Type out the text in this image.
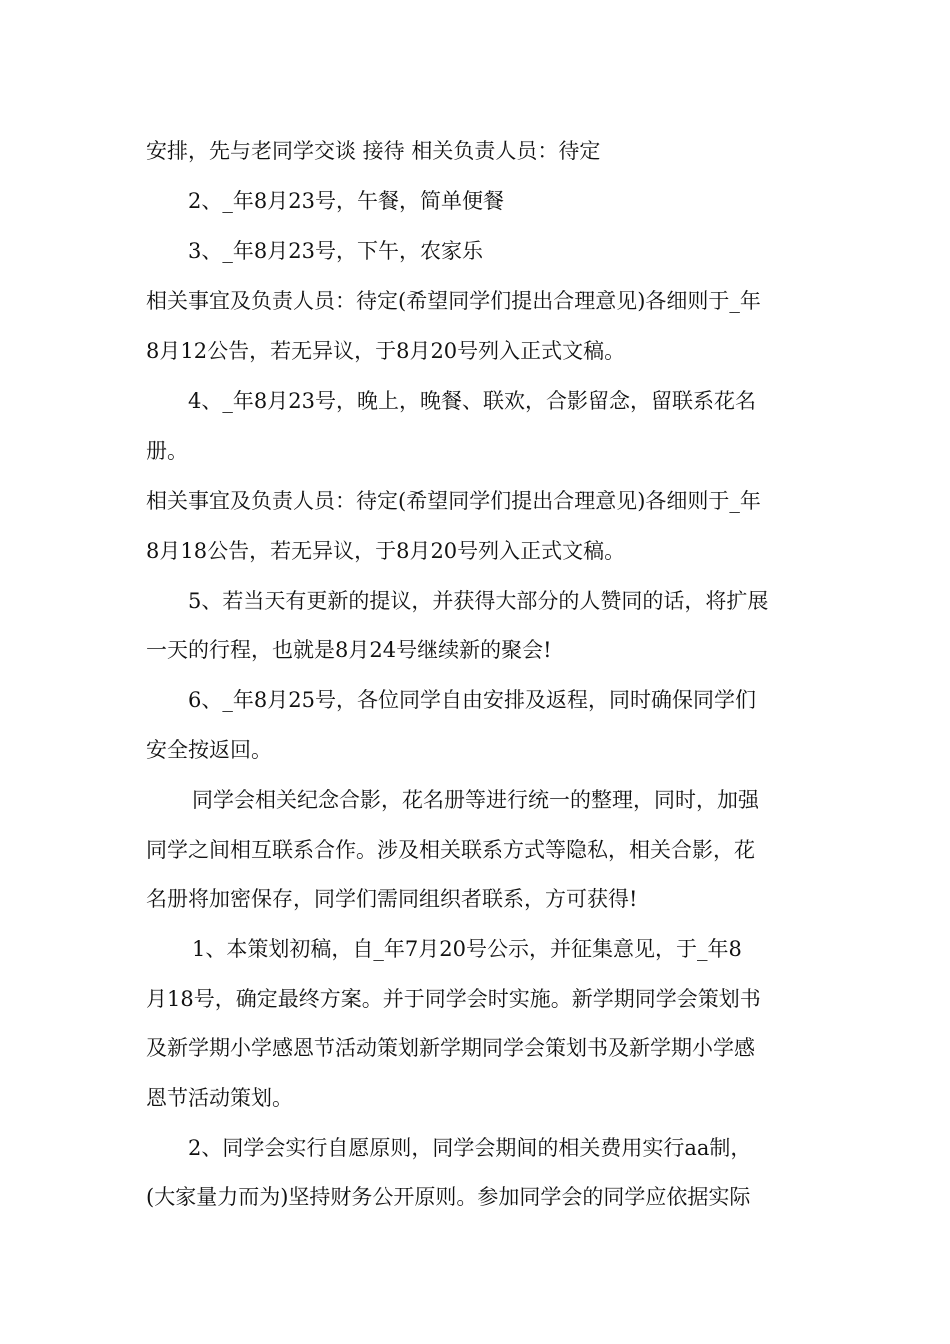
安排，先与老同学交谈 接待 相关负责人员：待定
2、_年8月23号，午餐，简单便餐
3、_年8月23号，下午，农家乐
相关事宜及负责人员：待定(希望同学们提出合理意见)各细则于_年
8月12公告，若无异议，于8月20号列入正式文稿。
4、_年8月23号，晚上，晚餐、联欢，合影留念，留联系花名
册。
相关事宜及负责人员：待定(希望同学们提出合理意见)各细则于_年
8月18公告，若无异议，于8月20号列入正式文稿。
5、若当天有更新的提议，并获得大部分的人赞同的话，将扩展
一天的行程，也就是8月24号继续新的聚会!
6、_年8月25号，各位同学自由安排及返程，同时确保同学们
安全按返回。
同学会相关纪念合影，花名册等进行统一的整理，同时，加强
同学之间相互联系合作。涉及相关联系方式等隐私，相关合影，花
名册将加密保存，同学们需同组织者联系，方可获得!
1、本策划初稿，自_年7月20号公示，并征集意见，于_年8
月18号，确定最终方案。并于同学会时实施。新学期同学会策划书
及新学期小学感恩节活动策划新学期同学会策划书及新学期小学感
恩节活动策划。
2、同学会实行自愿原则，同学会期间的相关费用实行aa制，
(大家量力而为)坚持财务公开原则。参加同学会的同学应依据实际
